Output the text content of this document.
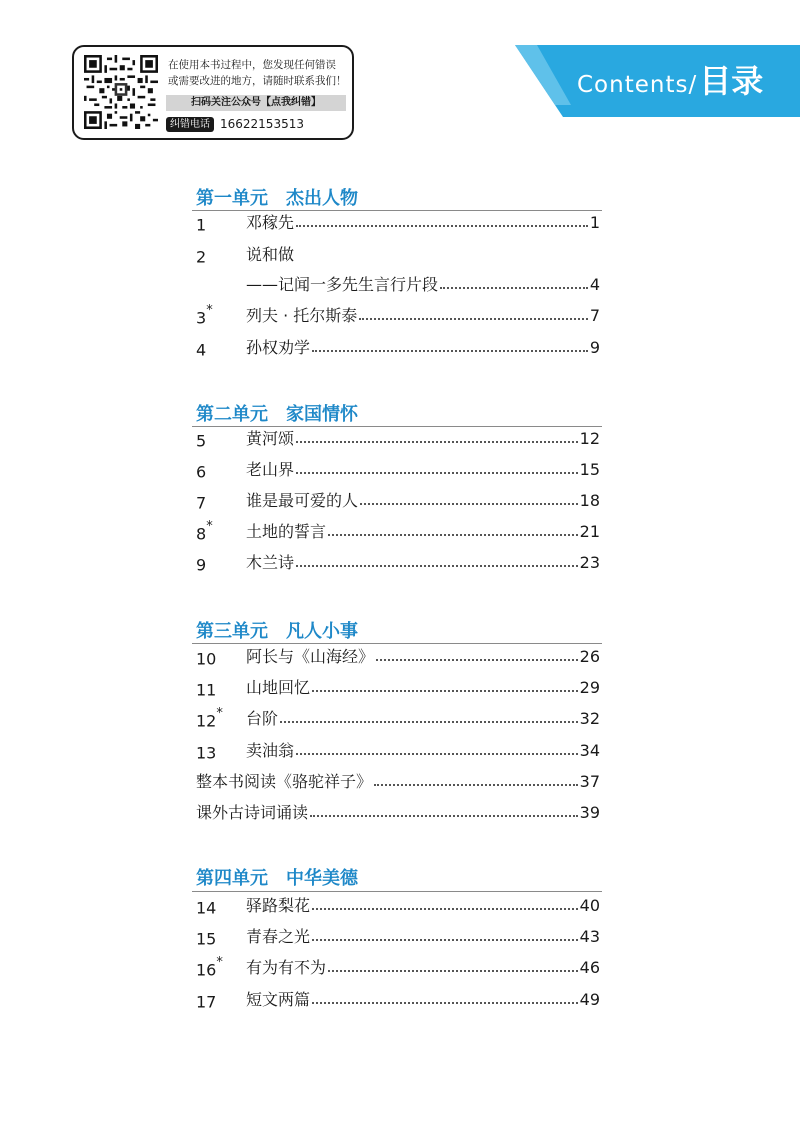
在使用本书过程中，您发现任何错误
或需要改进的地方，请随时联系我们！
扫码关注公众号【点我纠错】
纠错电话 16622153513
Contents/ 目录
第一单元　杰出人物
1	邓稼先	1
2	说和做
——记闻一多先生言行片段	4
3*	列夫 · 托尔斯泰	7
4	孙权劝学	9
第二单元　家国情怀
5	黄河颂	12
6	老山界	15
7	谁是最可爱的人	18
8*	土地的誓言	21
9	木兰诗	23
第三单元　凡人小事
10	阿长与《山海经》	26
11	山地回忆	29
12*	台阶	32
13	卖油翁	34
整本书阅读《骆驼祥子》	37
课外古诗词诵读	39
第四单元　中华美德
14	驿路梨花	40
15	青春之光	43
16*	有为有不为	46
17	短文两篇	49
